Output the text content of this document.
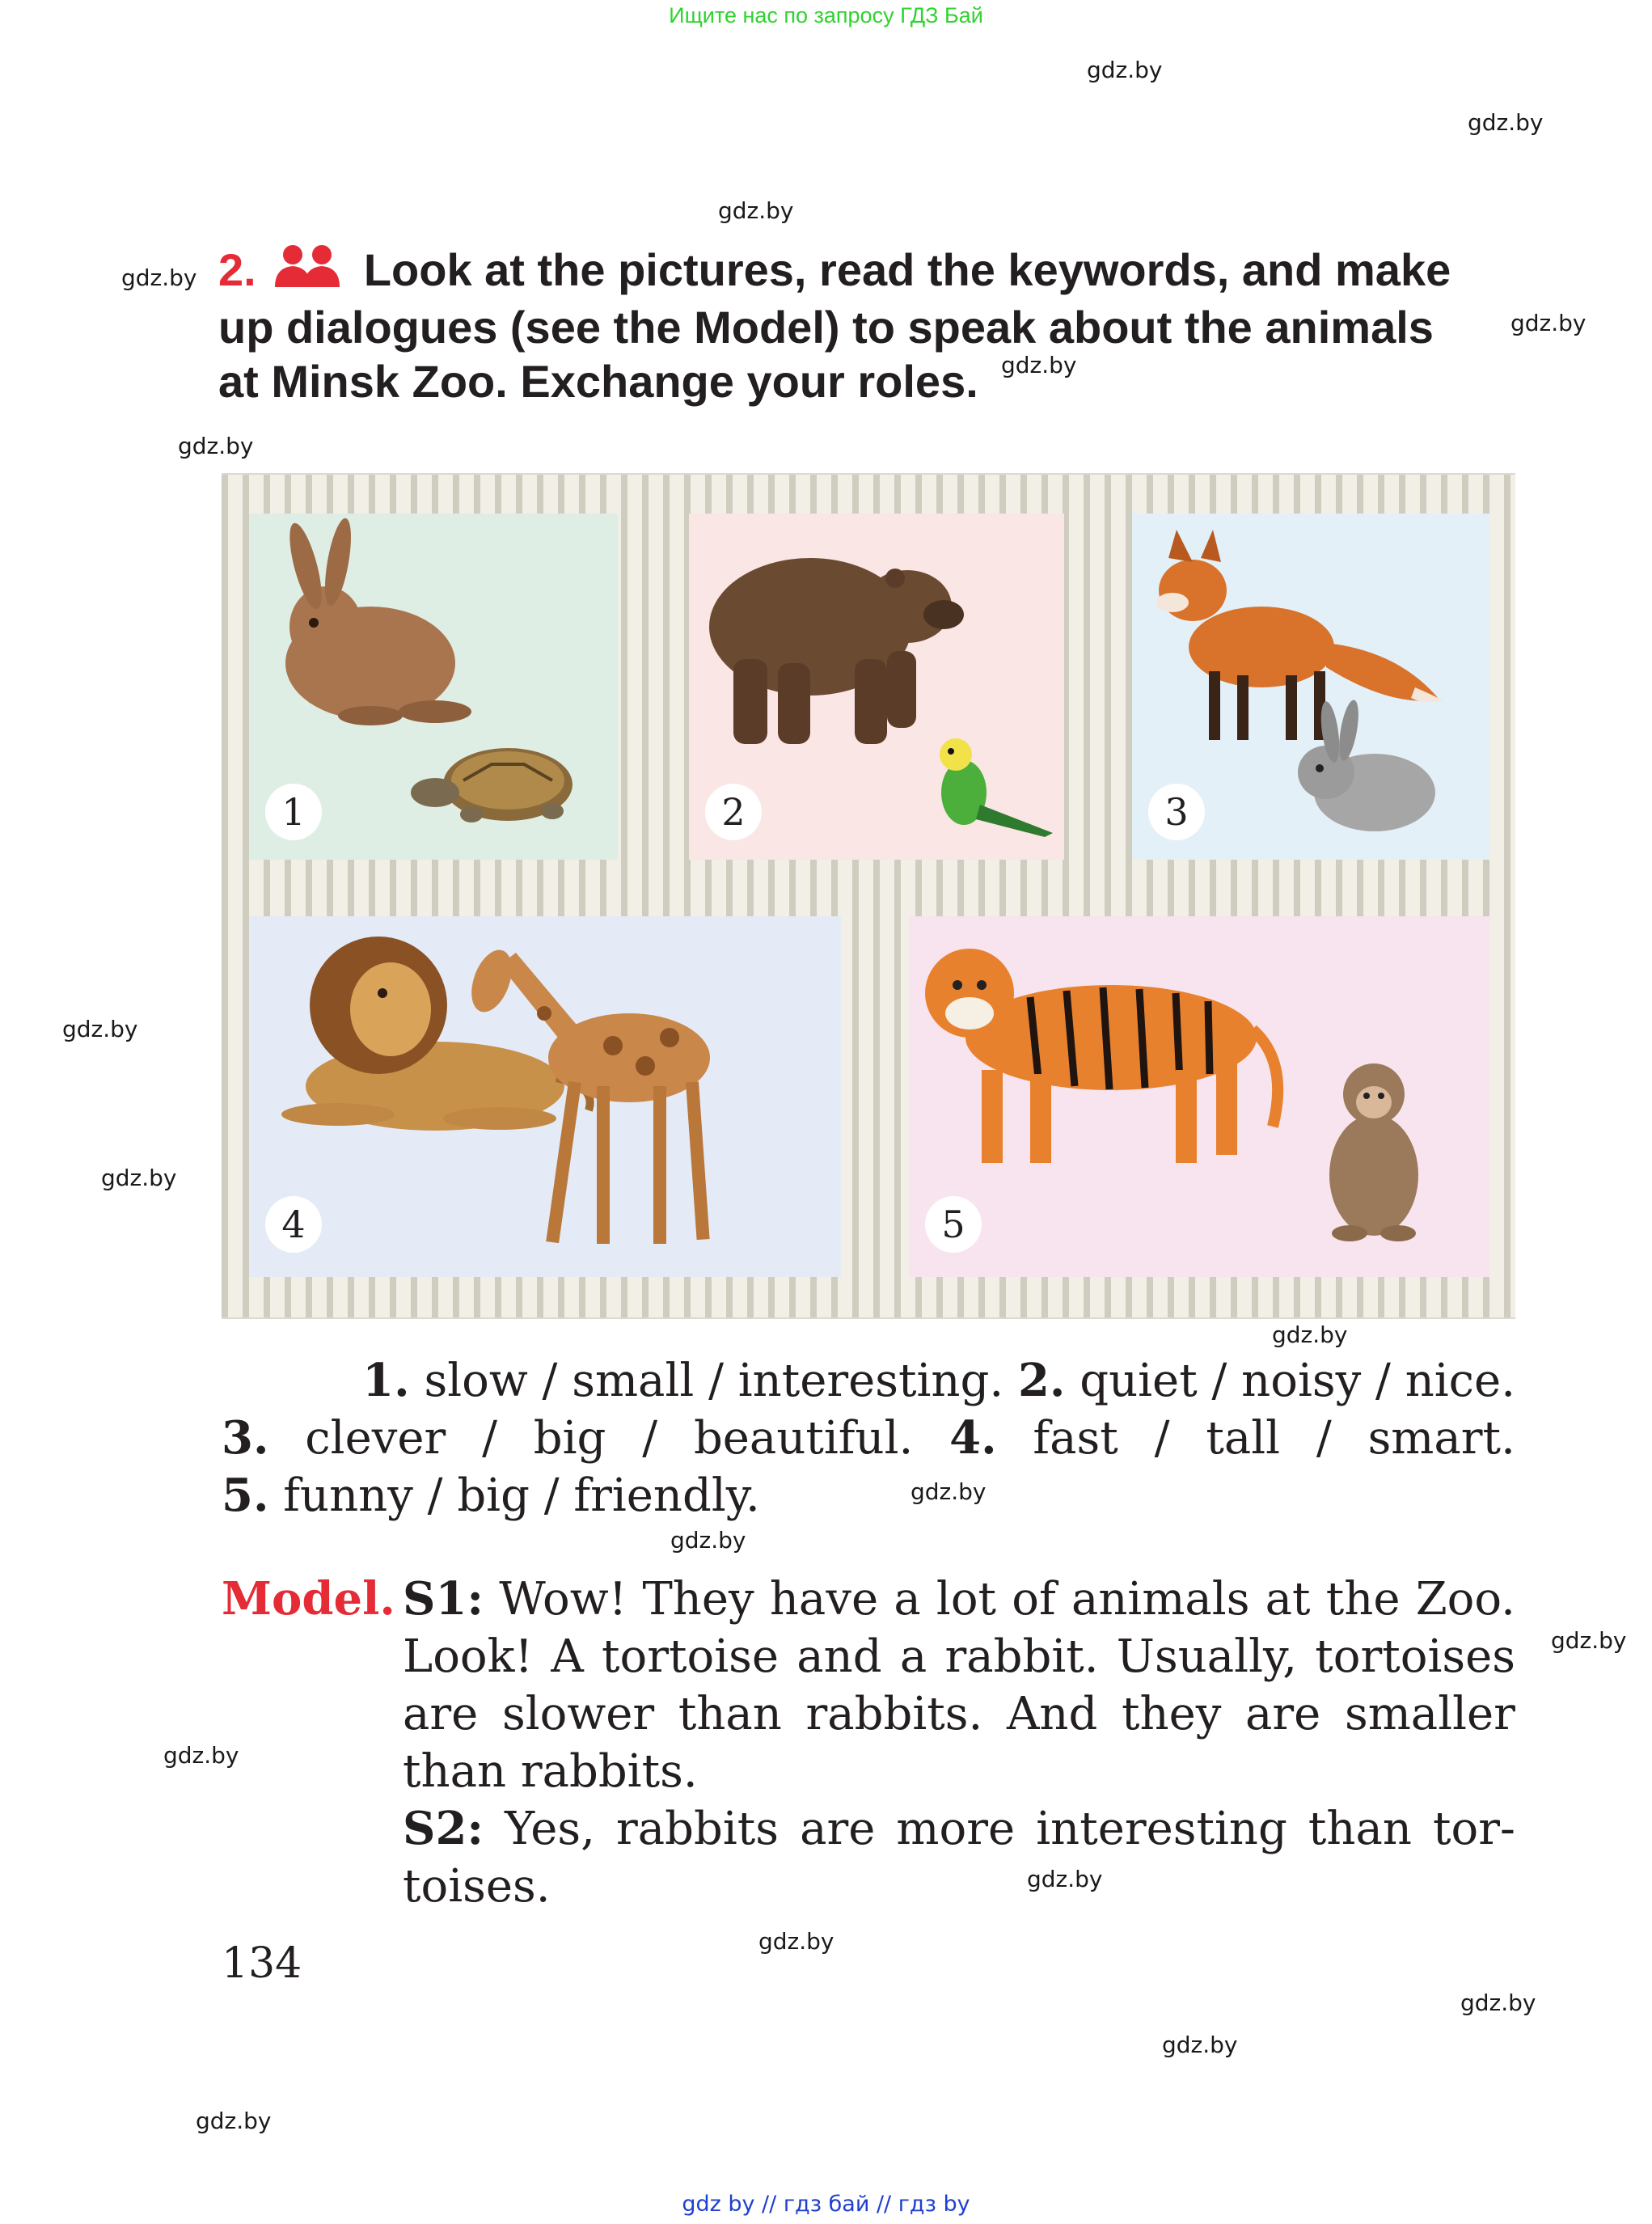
Ищите нас по запросу ГДЗ Бай
gdz.by
gdz.by
gdz.by
gdz.by
gdz.by
gdz.by
gdz.by
gdz.by
gdz.by
gdz.by
gdz.by
gdz.by
gdz.by
gdz.by
gdz.by
gdz.by
gdz.by
gdz.by
gdz.by
2. Look at the pictures, read the keywords, and make
up dialogues (see the Model) to speak about the animals
at Minsk Zoo. Exchange your roles.
1	2	3
4	5
1. slow / small / interesting. 2. quiet / noisy / nice.
3. clever / big / beautiful. 4. fast / tall / smart.
5. funny / big / friendly.
Model. S1: Wow! They have a lot of animals at the Zoo.
Look! A tortoise and a rabbit. Usually, tortoises
are slower than rabbits. And they are smaller
than rabbits.
S2: Yes, rabbits are more interesting than tor-
toises.
134
gdz by // гдз бай // гдз by
